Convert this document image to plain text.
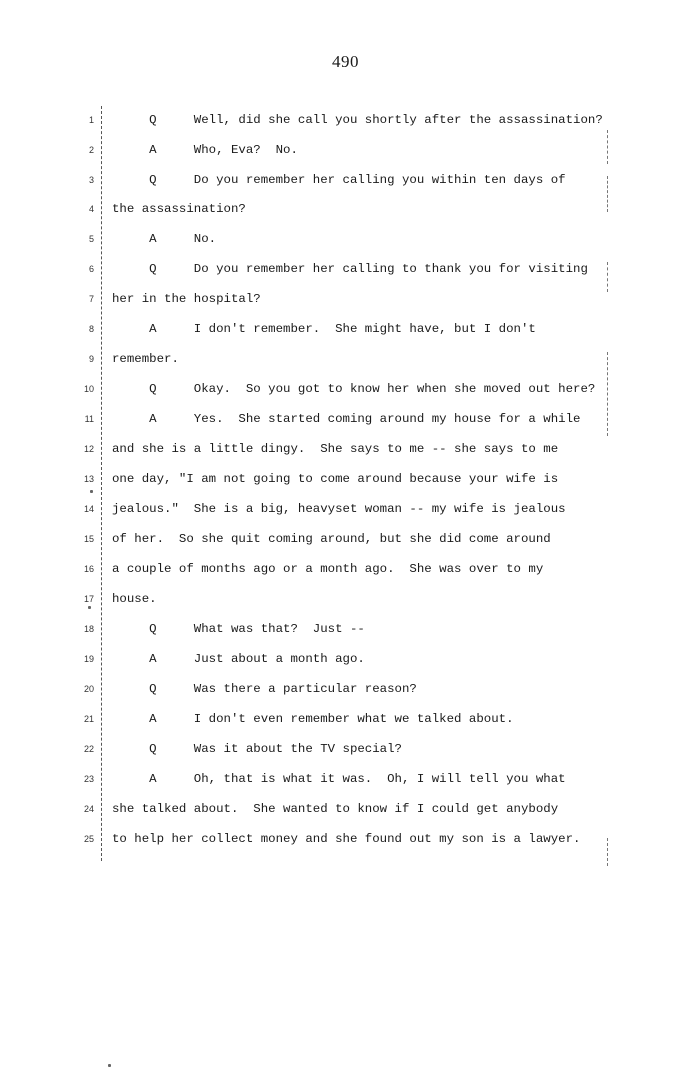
490
1 Q     Well, did she call you shortly after the assassination?
2 A     Who, Eva?  No.
3 Q     Do you remember her calling you within ten days of
4 the assassination?
5 A     No.
6 Q     Do you remember her calling to thank you for visiting
7 her in the hospital?
8 A     I don't remember.  She might have, but I don't
9 remember.
10 Q     Okay.  So you got to know her when she moved out here?
11 A     Yes.  She started coming around my house for a while
12 and she is a little dingy.  She says to me -- she says to me
13 one day, "I am not going to come around because your wife is
14 jealous."  She is a big, heavyset woman -- my wife is jealous
15 of her.  So she quit coming around, but she did come around
16 a couple of months ago or a month ago.  She was over to my
17 house.
18 Q     What was that?  Just --
19 A     Just about a month ago.
20 Q     Was there a particular reason?
21 A     I don't even remember what we talked about.
22 Q     Was it about the TV special?
23 A     Oh, that is what it was.  Oh, I will tell you what
24 she talked about.  She wanted to know if I could get anybody
25 to help her collect money and she found out my son is a lawyer.
